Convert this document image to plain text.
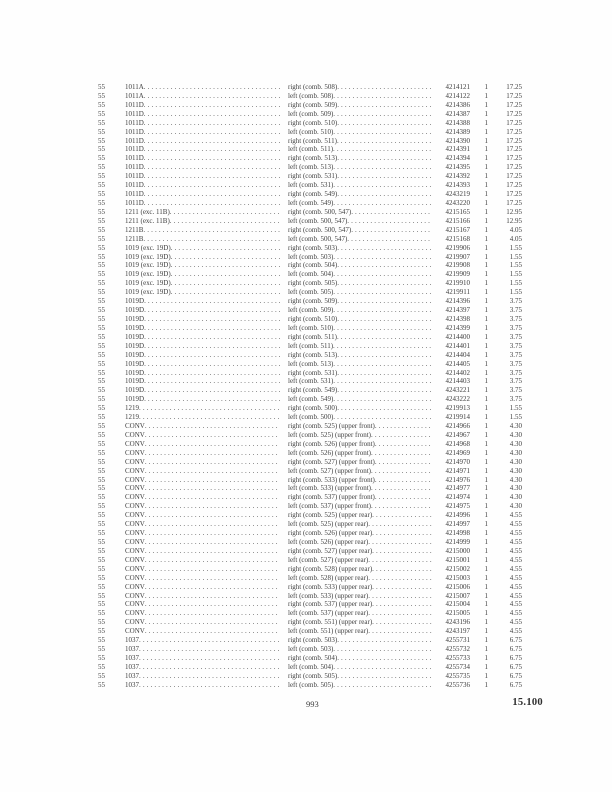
55	1011A .....	right (comb. 508) .....	4214121	1	17.25
55	1011A .....	left (comb. 508) .....	4214122	1	17.25
55	1011D .....	right (comb. 509) .....	4214386	1	17.25
55	1011D .....	left (comb. 509) .....	4214387	1	17.25
55	1011D .....	right (comb. 510) .....	4214388	1	17.25
55	1011D .....	left (comb. 510) .....	4214389	1	17.25
55	1011D .....	right (comb. 511) .....	4214390	1	17.25
55	1011D .....	left (comb. 511) .....	4214391	1	17.25
55	1011D .....	right (comb. 513) .....	4214394	1	17.25
55	1011D .....	left (comb. 513) .....	4214395	1	17.25
55	1011D .....	right (comb. 531) .....	4214392	1	17.25
55	1011D .....	left (comb. 531) .....	4214393	1	17.25
55	1011D .....	right (comb. 549) .....	4243219	1	17.25
55	1011D .....	left (comb. 549) .....	4243220	1	17.25
55	1211 (exc. 11B) .....	right (comb. 500, 547) .....	4215165	1	12.95
55	1211 (exc. 11B) .....	left (comb. 500, 547) .....	4215166	1	12.95
55	1211B .....	right (comb. 500, 547) .....	4215167	1	4.05
55	1211B .....	left (comb. 500, 547) .....	4215168	1	4.05
55	1019 (exc. 19D) .....	right (comb. 503) .....	4219906	1	1.55
55	1019 (exc. 19D) .....	left (comb. 503) .....	4219907	1	1.55
55	1019 (exc. 19D) .....	right (comb. 504) .....	4219908	1	1.55
55	1019 (exc. 19D) .....	left (comb. 504) .....	4219909	1	1.55
55	1019 (exc. 19D) .....	right (comb. 505) .....	4219910	1	1.55
55	1019 (exc. 19D) .....	left (comb. 505) .....	4219911	1	1.55
55	1019D .....	right (comb. 509) .....	4214396	1	3.75
55	1019D .....	left (comb. 509) .....	4214397	1	3.75
55	1019D .....	right (comb. 510) .....	4214398	1	3.75
55	1019D .....	left (comb. 510) .....	4214399	1	3.75
55	1019D .....	right (comb. 511) .....	4214400	1	3.75
55	1019D .....	left (comb. 511) .....	4214401	1	3.75
55	1019D .....	right (comb. 513) .....	4214404	1	3.75
55	1019D .....	left (comb. 513) .....	4214405	1	3.75
55	1019D .....	right (comb. 531) .....	4214402	1	3.75
55	1019D .....	left (comb. 531) .....	4214403	1	3.75
55	1019D .....	right (comb. 549) .....	4243221	1	3.75
55	1019D .....	left (comb. 549) .....	4243222	1	3.75
55	1219 .....	right (comb. 500) .....	4219913	1	1.55
55	1219 .....	left (comb. 500) .....	4219914	1	1.55
55	CONV .....	right (comb. 525) (upper front) .....	4214966	1	4.30
55	CONV .....	left (comb. 525) (upper front) .....	4214967	1	4.30
55	CONV .....	right (comb. 526) (upper front) .....	4214968	1	4.30
55	CONV .....	left (comb. 526) (upper front) .....	4214969	1	4.30
55	CONV .....	right (comb. 527) (upper front) .....	4214970	1	4.30
55	CONV .....	left (comb. 527) (upper front) .....	4214971	1	4.30
55	CONV .....	right (comb. 533) (upper front) .....	4214976	1	4.30
55	CONV .....	left (comb. 533) (upper front) .....	4214977	1	4.30
55	CONV .....	right (comb. 537) (upper front) .....	4214974	1	4.30
55	CONV .....	left (comb. 537) (upper front) .....	4214975	1	4.30
55	CONV .....	right (comb. 525) (upper rear) .....	4214996	1	4.55
55	CONV .....	left (comb. 525) (upper rear) .....	4214997	1	4.55
55	CONV .....	right (comb. 526) (upper rear) .....	4214998	1	4.55
55	CONV .....	left (comb. 526) (upper rear) .....	4214999	1	4.55
55	CONV .....	right (comb. 527) (upper rear) .....	4215000	1	4.55
55	CONV .....	left (comb. 527) (upper rear) .....	4215001	1	4.55
55	CONV .....	right (comb. 528) (upper rear) .....	4215002	1	4.55
55	CONV .....	left (comb. 528) (upper rear) .....	4215003	1	4.55
55	CONV .....	right (comb. 533) (upper rear) .....	4215006	1	4.55
55	CONV .....	left (comb. 533) (upper rear) .....	4215007	1	4.55
55	CONV .....	right (comb. 537) (upper rear) .....	4215004	1	4.55
55	CONV .....	left (comb. 537) (upper rear) .....	4215005	1	4.55
55	CONV .....	right (comb. 551) (upper rear) .....	4243196	1	4.55
55	CONV .....	left (comb. 551) (upper rear) .....	4243197	1	4.55
55	1037 .....	right (comb. 503) .....	4255731	1	6.75
55	1037 .....	left (comb. 503) .....	4255732	1	6.75
55	1037 .....	right (comb. 504) .....	4255733	1	6.75
55	1037 .....	left (comb. 504) .....	4255734	1	6.75
55	1037 .....	right (comb. 505) .....	4255735	1	6.75
55	1037 .....	left (comb. 505) .....	4255736	1	6.75
993	15.100
